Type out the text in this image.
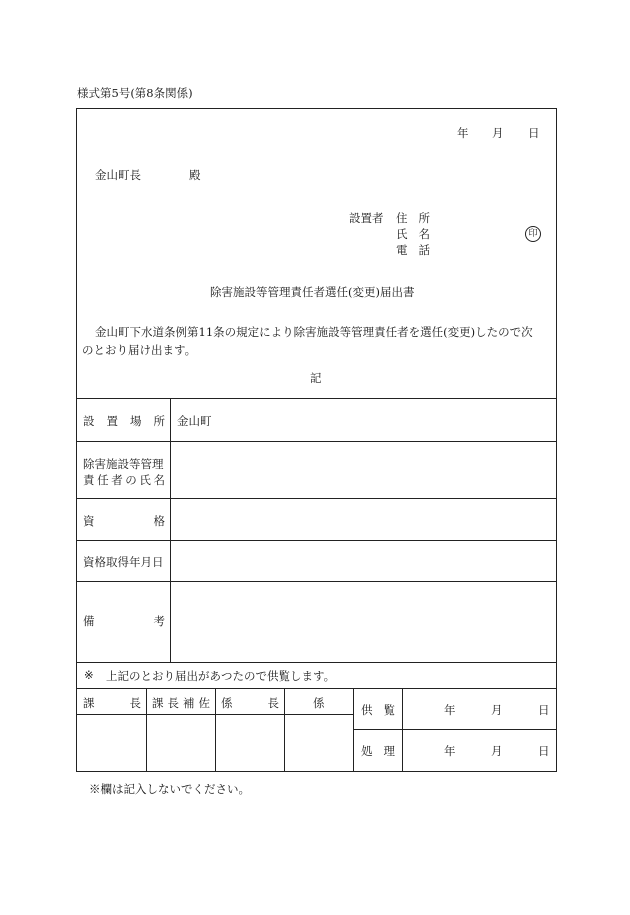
様式第5号(第8条関係)
年 月 日
金山町長	殿
設置者 住 所
氏 名
電 話
印
除害施設等管理責任者選任(変更)届出書
金山町下水道条例第11条の規定により除害施設等管理責任者を選任(変更)したので次
のとおり届け出ます。
記
設 置 場 所 金山町
除害施設等管理
責 任 者 の 氏 名
資	格
資格取得年月日
備	考
※ 上記のとおり届出があつたので供覧します。
課	長 課 長 補 佐 係	長	係	供 覧	年	月	日
処 理	年	月	日
※欄は記入しないでください。
